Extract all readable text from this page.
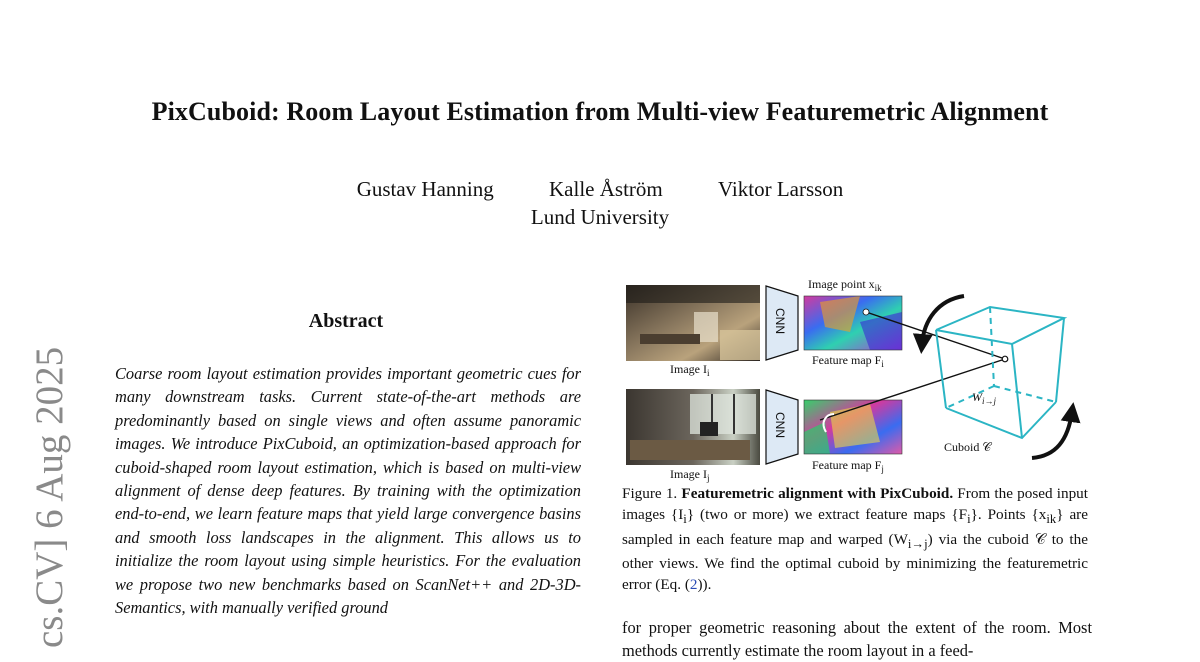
PixCuboid: Room Layout Estimation from Multi-view Featuremetric Alignment
Gustav Hanning	Kalle Åström	Viktor Larsson
Lund University
cs.CV] 6 Aug 2025
Abstract
Coarse room layout estimation provides important geometric cues for many downstream tasks. Current state-of-the-art methods are predominantly based on single views and often assume panoramic images. We introduce PixCuboid, an optimization-based approach for cuboid-shaped room layout estimation, which is based on multi-view alignment of dense deep features. By training with the optimization end-to-end, we learn feature maps that yield large convergence basins and smooth loss landscapes in the alignment. This allows us to initialize the room layout using simple heuristics. For the evaluation we propose two new benchmarks based on ScanNet++ and 2D-3D-Semantics, with manually verified ground
Image $I_i$
Image $I_j$
CNN
CNN
Image point $x_{ik}$
Feature map $F_i$
Feature map $F_j$
$W_{i\to j}$
Cuboid 𝒞
Figure 1. Featuremetric alignment with PixCuboid. From the posed input images $\{I_i\}$ (two or more) we extract feature maps $\{F_i\}$. Points $\{x_{ik}\}$ are sampled in each feature map and warped $(W_{i\to j})$ via the cuboid 𝒞 to the other views. We find the optimal cuboid by minimizing the featuremetric error (Eq. (2)).
for proper geometric reasoning about the extent of the room. Most methods currently estimate the room layout in a feed-
